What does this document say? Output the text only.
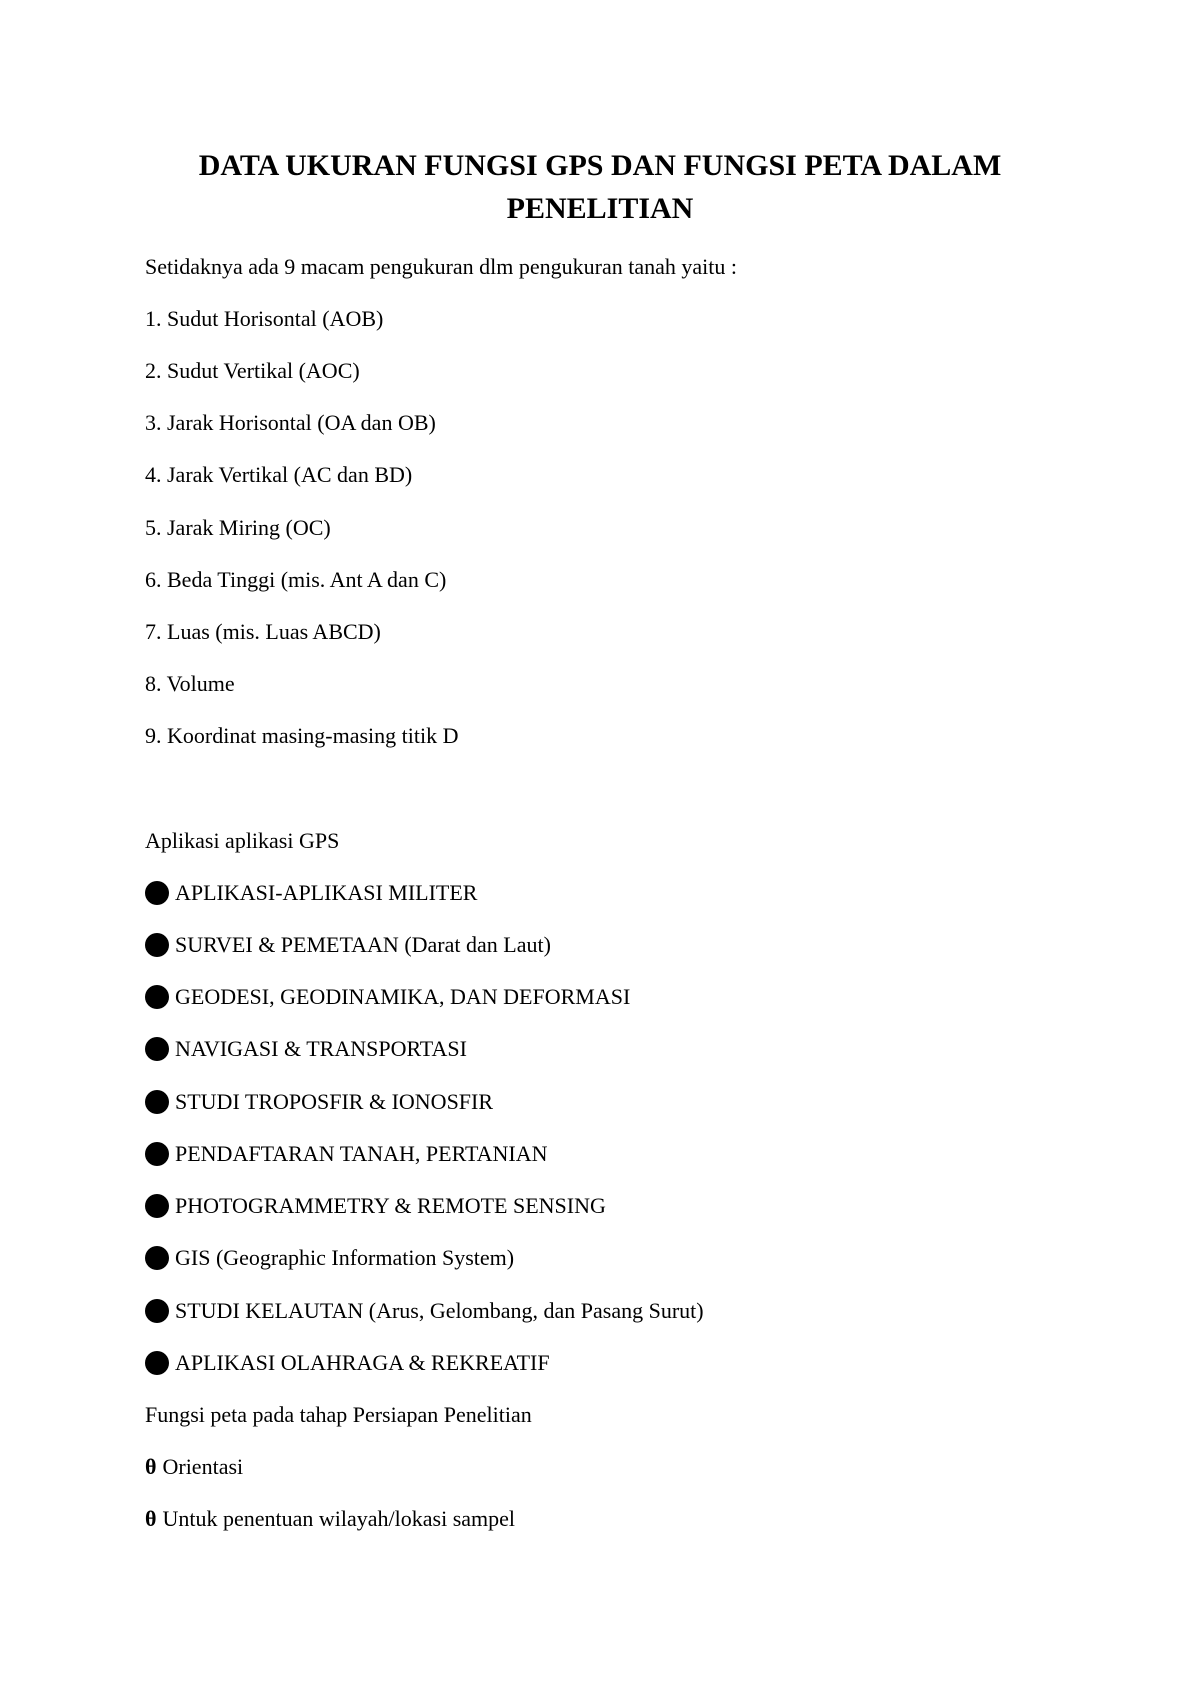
DATA UKURAN FUNGSI GPS DAN FUNGSI PETA DALAM PENELITIAN

Setidaknya ada 9 macam pengukuran dlm pengukuran tanah yaitu :

1. Sudut Horisontal (AOB)

2. Sudut Vertikal (AOC)

3. Jarak Horisontal (OA dan OB)

4. Jarak Vertikal (AC dan BD)

5. Jarak Miring (OC)

6. Beda Tinggi (mis. Ant A dan C)

7. Luas (mis. Luas ABCD)

8. Volume

9. Koordinat masing-masing titik D

Aplikasi aplikasi GPS

APLIKASI-APLIKASI MILITER
SURVEI & PEMETAAN (Darat dan Laut)
GEODESI, GEODINAMIKA, DAN DEFORMASI
NAVIGASI & TRANSPORTASI
STUDI TROPOSFIR & IONOSFIR
PENDAFTARAN TANAH, PERTANIAN
PHOTOGRAMMETRY & REMOTE SENSING
GIS (Geographic Information System)
STUDI KELAUTAN (Arus, Gelombang, dan Pasang Surut)
APLIKASI OLAHRAGA & REKREATIF

Fungsi peta pada tahap Persiapan Penelitian

θ Orientasi

θ Untuk penentuan wilayah/lokasi sampel
